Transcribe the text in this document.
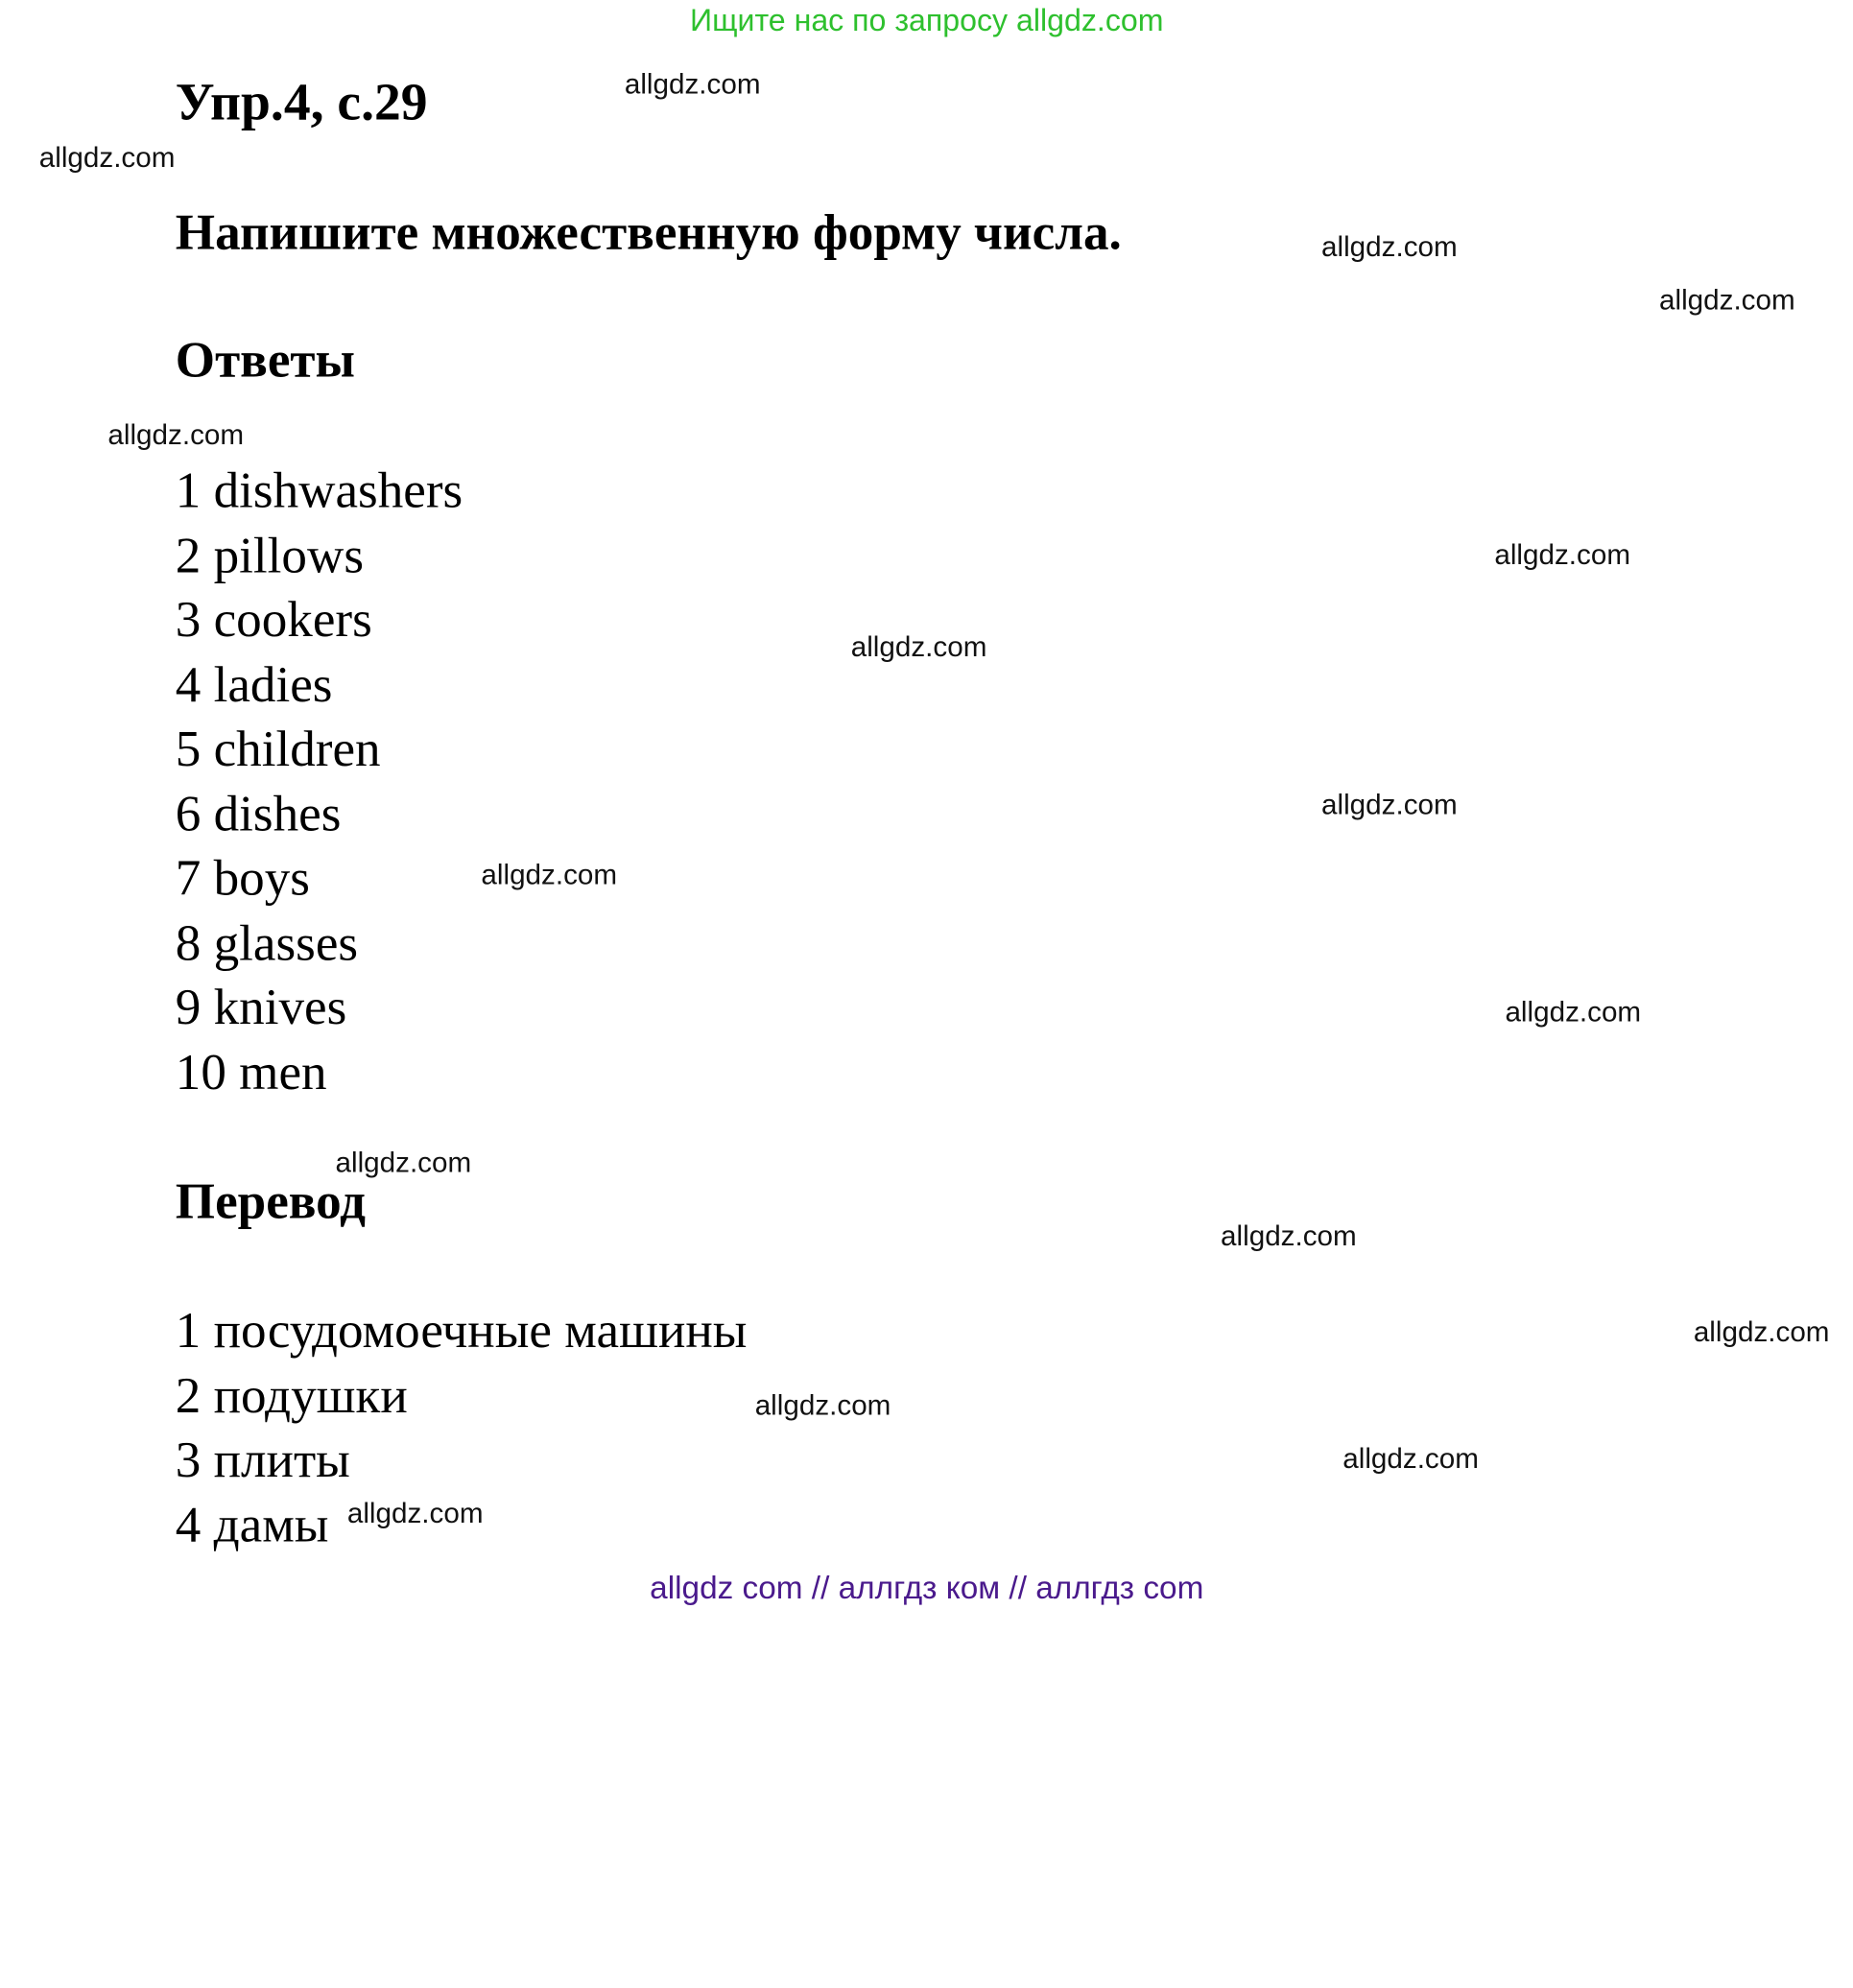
Ищите нас по запросу allgdz.com
Упр.4, с.29
Напишите множественную форму числа.
Ответы
1 dishwashers
2 pillows
3 cookers
4 ladies
5 children
6 dishes
7 boys
8 glasses
9 knives
10 men
Перевод
1 посудомоечные машины
2 подушки
3 плиты
4 дамы
allgdz.com
allgdz.com
allgdz.com
allgdz.com
allgdz.com
allgdz.com
allgdz.com
allgdz.com
allgdz.com
allgdz.com
allgdz.com
allgdz.com
allgdz.com
allgdz.com
allgdz.com
allgdz.com
allgdz com // аллгдз ком // аллгдз com
